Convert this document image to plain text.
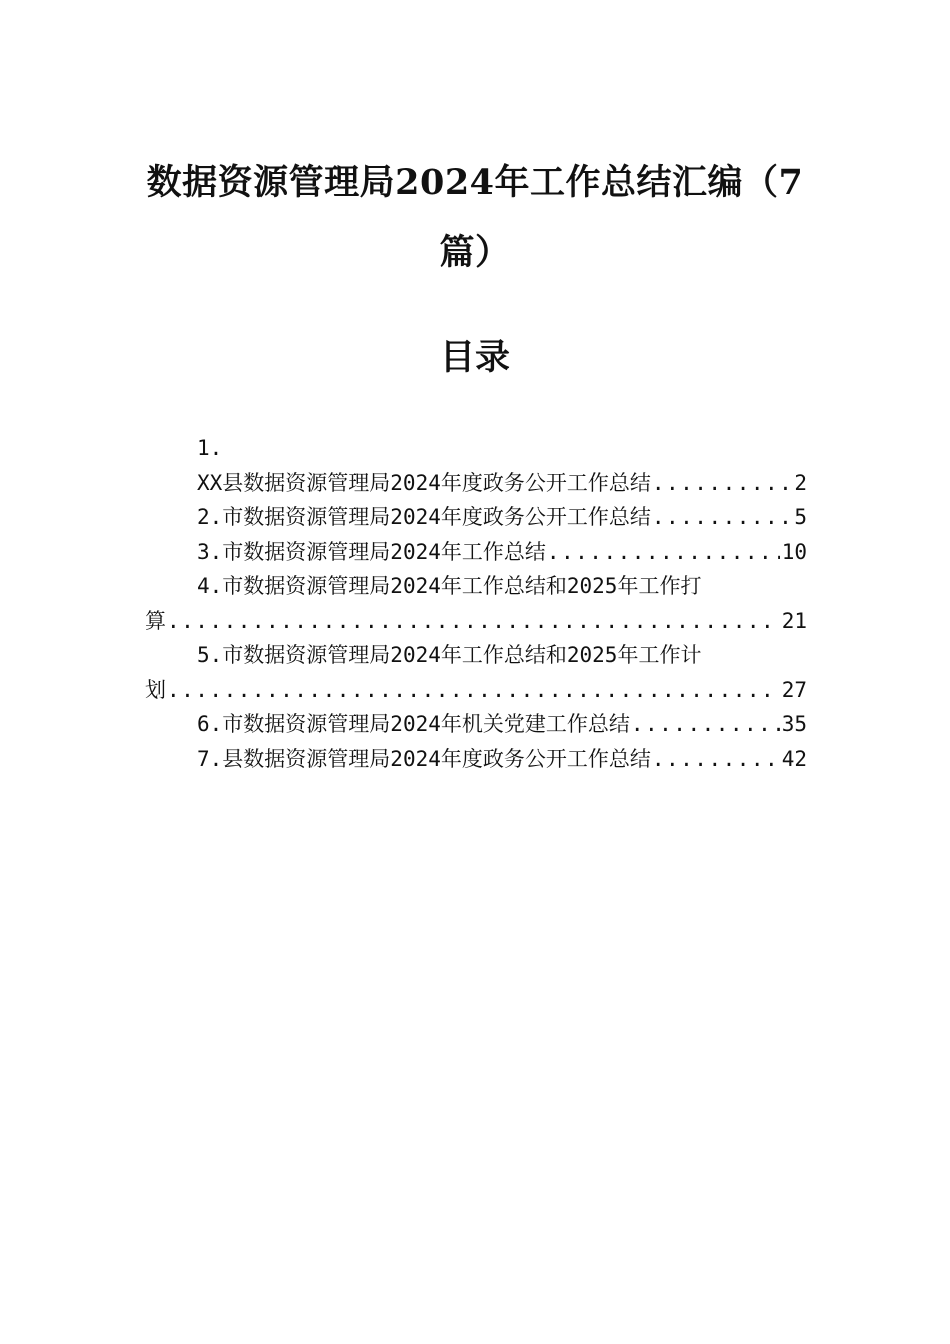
数据资源管理局2024年工作总结汇编（7
篇）
目录
1.
XX县数据资源管理局2024年度政务公开工作总结 .....	2
2. 市数据资源管理局2024年度政务公开工作总结 .....	5
3. 市数据资源管理局2024年工作总结 .....	10
4. 市数据资源管理局2024年工作总结和2025年工作打
算 .....	21
5. 市数据资源管理局2024年工作总结和2025年工作计
划 .....	27
6. 市数据资源管理局2024年机关党建工作总结 .....	35
7. 县数据资源管理局2024年度政务公开工作总结 .....	42
